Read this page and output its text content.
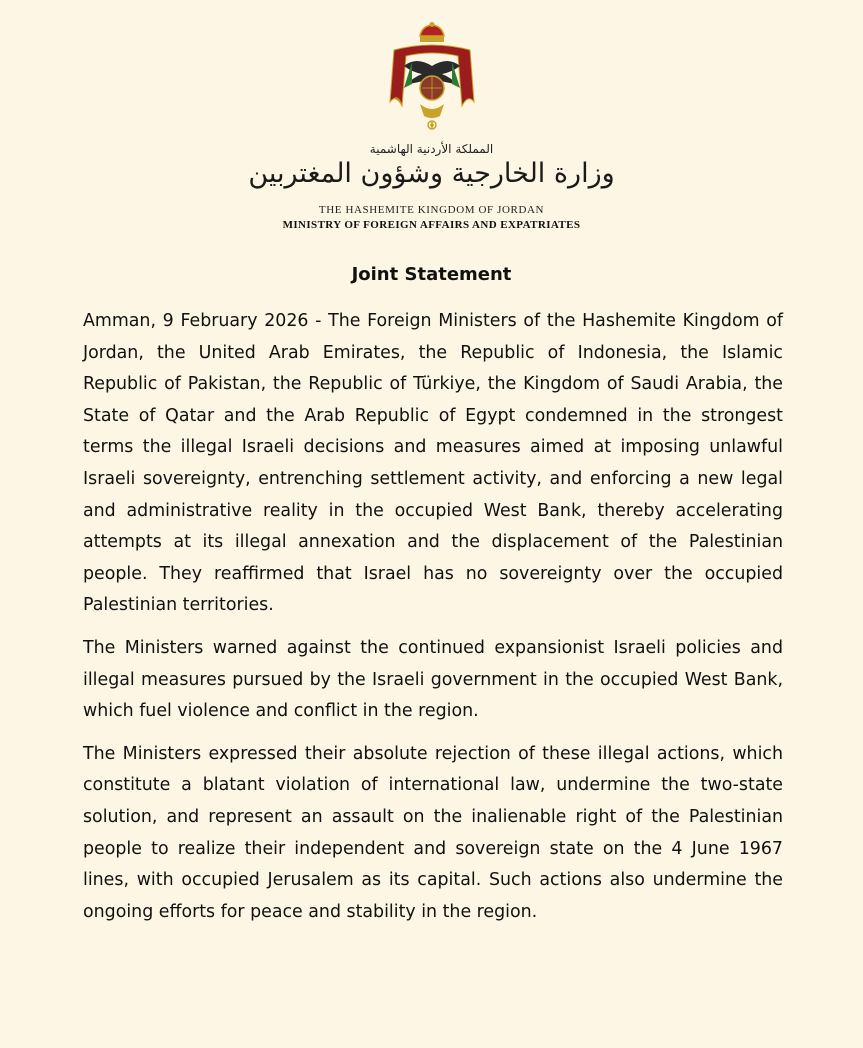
المملكة الأردنية الهاشمية
وزارة الخارجية وشؤون المغتربين
THE HASHEMITE KINGDOM OF JORDAN
MINISTRY OF FOREIGN AFFAIRS AND EXPATRIATES
Joint Statement

Amman, 9 February 2026 - The Foreign Ministers of the Hashemite Kingdom of Jordan, the United Arab Emirates, the Republic of Indonesia, the Islamic Republic of Pakistan, the Republic of Türkiye, the Kingdom of Saudi Arabia, the State of Qatar and the Arab Republic of Egypt condemned in the strongest terms the illegal Israeli decisions and measures aimed at imposing unlawful Israeli sovereignty, entrenching settlement activity, and enforcing a new legal and administrative reality in the occupied West Bank, thereby accelerating attempts at its illegal annexation and the displacement of the Palestinian people. They reaffirmed that Israel has no sovereignty over the occupied Palestinian territories.

The Ministers warned against the continued expansionist Israeli policies and illegal measures pursued by the Israeli government in the occupied West Bank, which fuel violence and conflict in the region.

The Ministers expressed their absolute rejection of these illegal actions, which constitute a blatant violation of international law, undermine the two-state solution, and represent an assault on the inalienable right of the Palestinian people to realize their independent and sovereign state on the 4 June 1967 lines, with occupied Jerusalem as its capital. Such actions also undermine the ongoing efforts for peace and stability in the region.
